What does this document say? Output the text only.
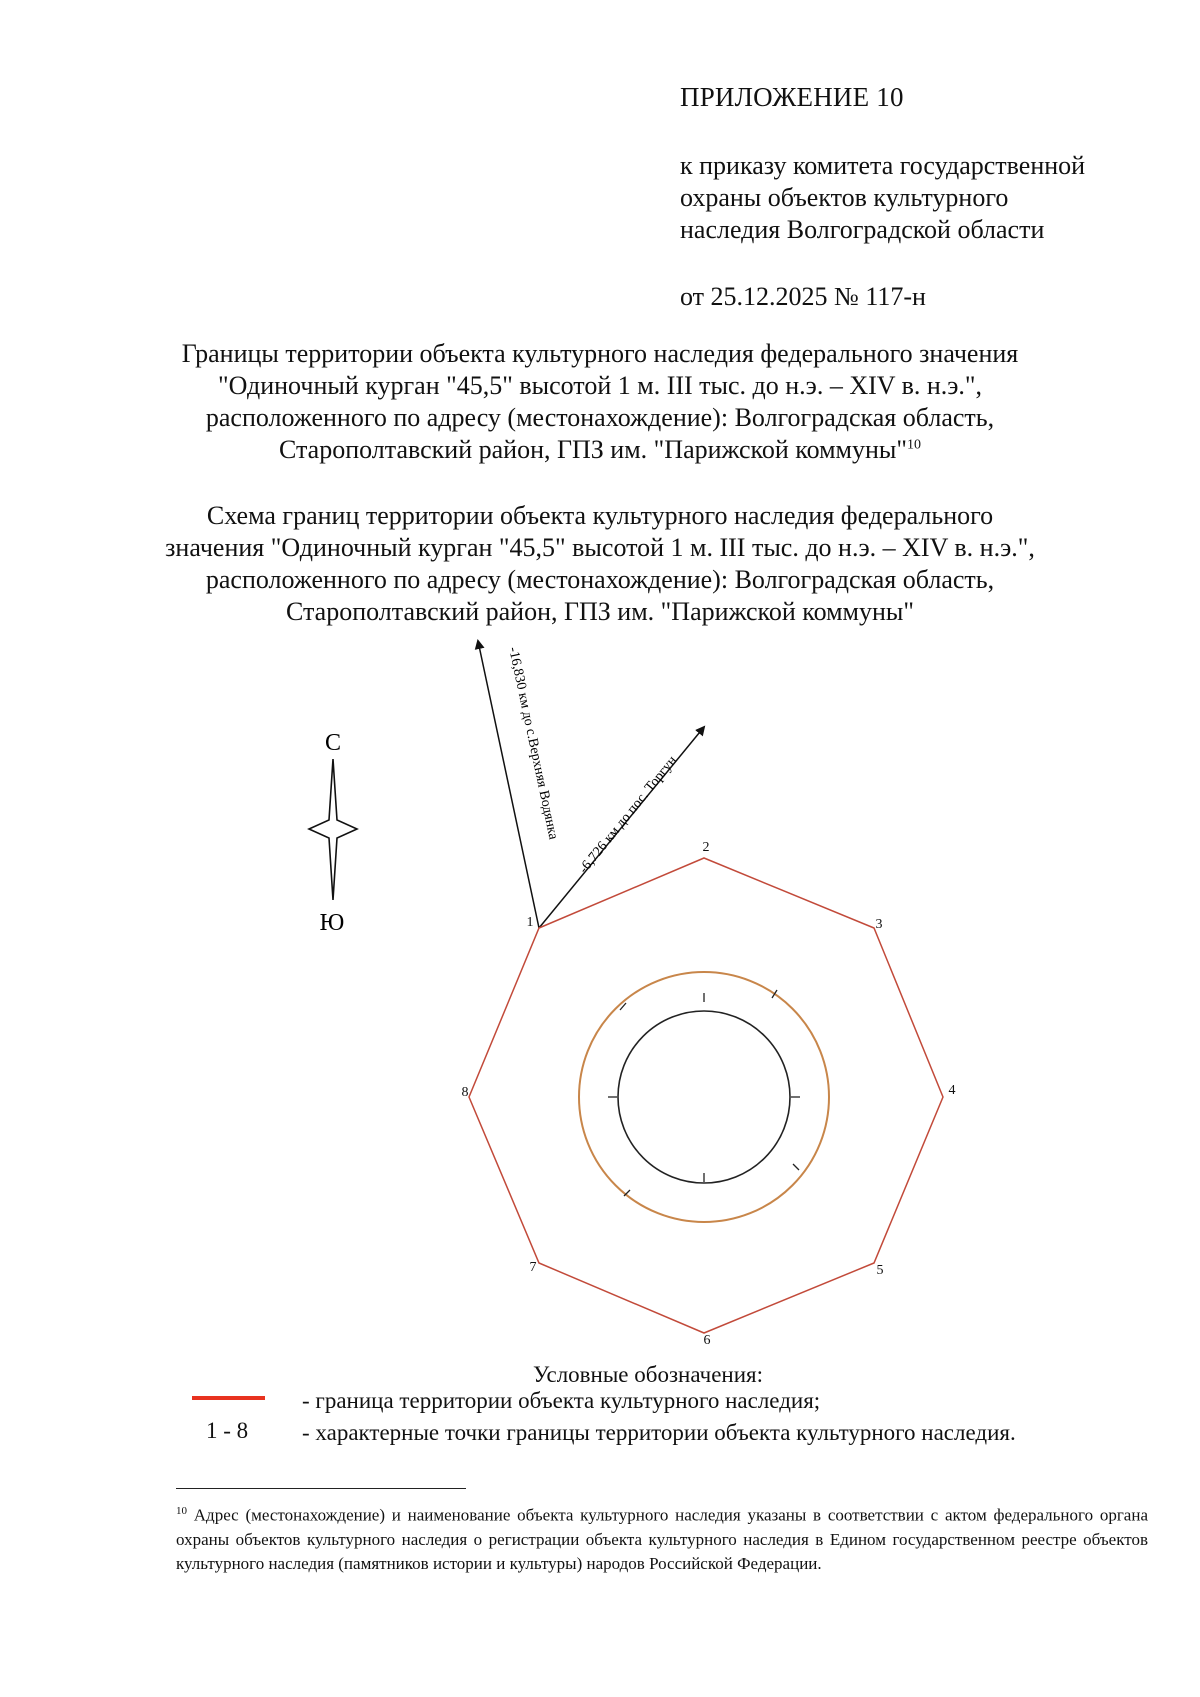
ПРИЛОЖЕНИЕ 10
к приказу комитета государственной
охраны объектов культурного
наследия Волгоградской области
от 25.12.2025 № 117-н
Границы территории объекта культурного наследия федерального значения
"Одиночный курган "45,5" высотой 1 м. III тыс. до н.э. – XIV в. н.э.",
расположенного по адресу (местонахождение): Волгоградская область,
Старополтавский район, ГПЗ им. "Парижской коммуны"$^{10}$
Схема границ территории объекта культурного наследия федерального
значения "Одиночный курган "45,5" высотой 1 м. III тыс. до н.э. – XIV в. н.э.",
расположенного по адресу (местонахождение): Волгоградская область,
Старополтавский район, ГПЗ им. "Парижской коммуны"
С
Ю
-16,830 км до с.Верхняя Водянка -6,726 км до пос. Торгун
1
2
3
4
5
6
7
8
Условные обозначения:
- граница территории объекта культурного наследия;
1 - 8 - характерные точки границы территории объекта культурного наследия.
$^{10}$ Адрес (местонахождение) и наименование объекта культурного наследия указаны в соответствии с актом федерального органа охраны объектов культурного наследия о регистрации объекта культурного наследия в Едином государственном реестре объектов культурного наследия (памятников истории и культуры) народов Российской Федерации.
